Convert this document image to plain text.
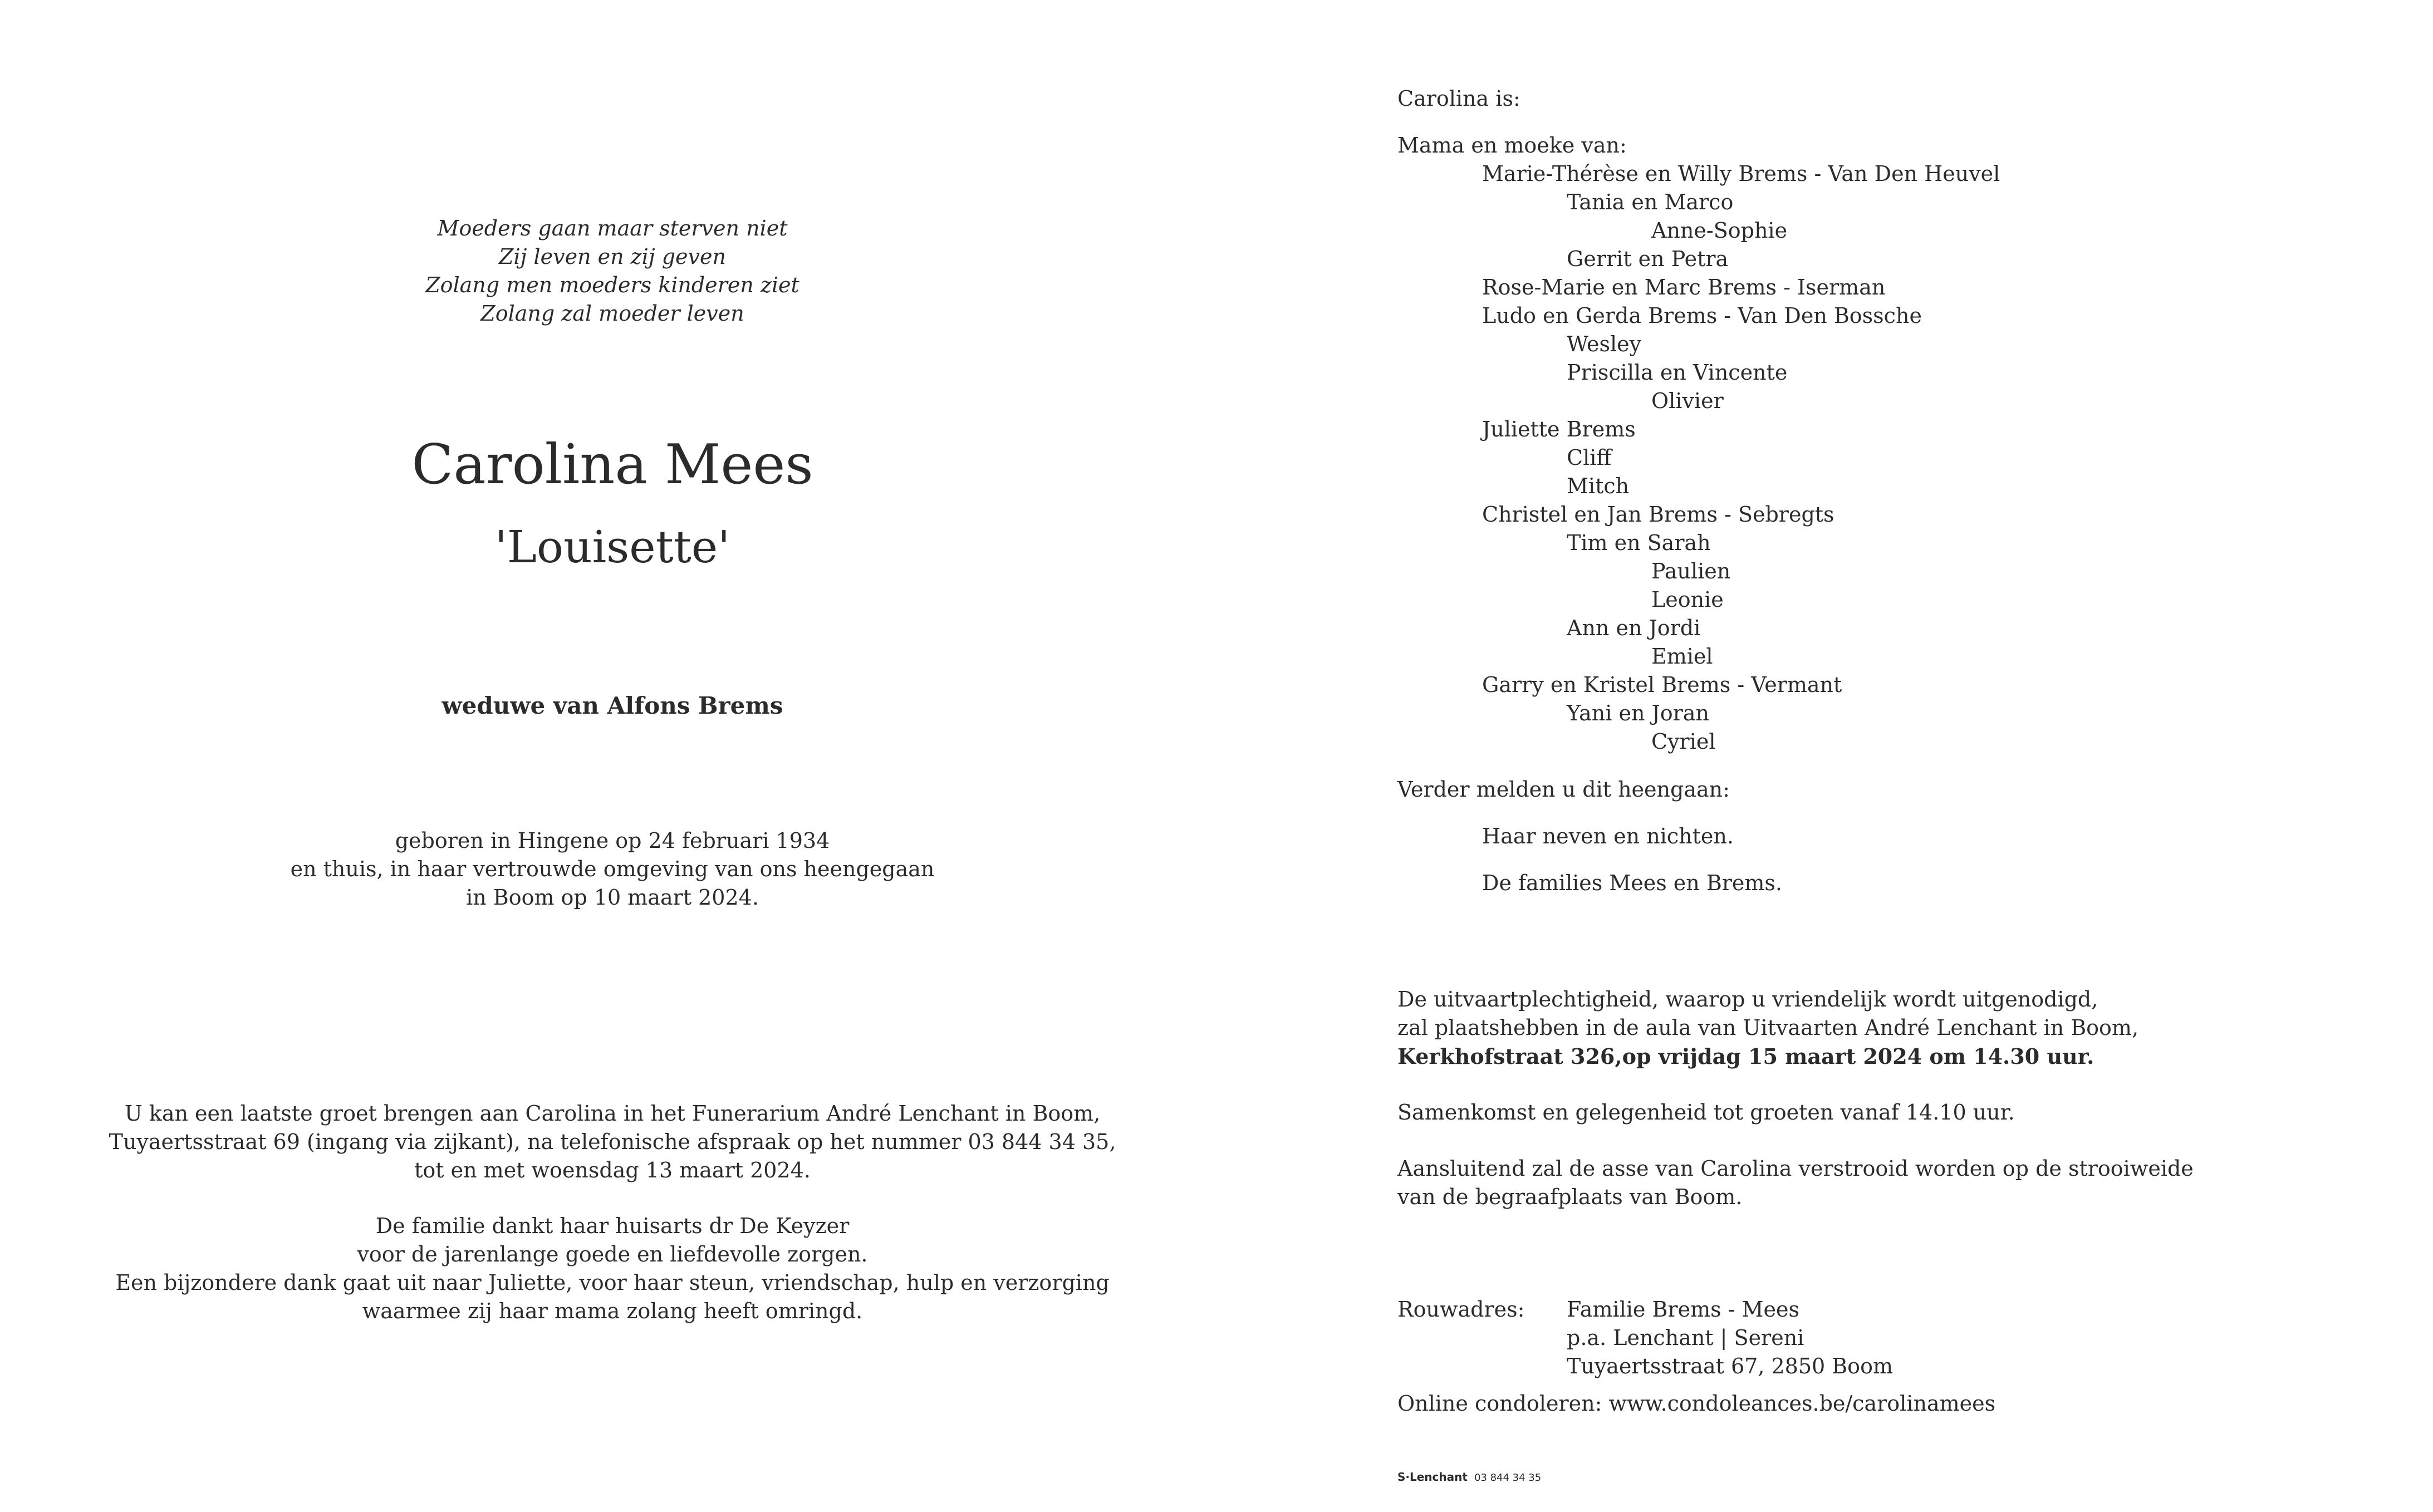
Moeders gaan maar sterven niet
Zij leven en zij geven
Zolang men moeders kinderen ziet
Zolang zal moeder leven
Carolina Mees
'Louisette'
weduwe van Alfons Brems
geboren in Hingene op 24 februari 1934
en thuis, in haar vertrouwde omgeving van ons heengegaan
in Boom op 10 maart 2024.
U kan een laatste groet brengen aan Carolina in het Funerarium André Lenchant in Boom,
Tuyaertsstraat 69 (ingang via zijkant), na telefonische afspraak op het nummer 03 844 34 35,
tot en met woensdag 13 maart 2024.
De familie dankt haar huisarts dr De Keyzer
voor de jarenlange goede en liefdevolle zorgen.
Een bijzondere dank gaat uit naar Juliette, voor haar steun, vriendschap, hulp en verzorging
waarmee zij haar mama zolang heeft omringd.
Carolina is:
Mama en moeke van:
Marie-Thérèse en Willy Brems - Van Den Heuvel
Tania en Marco
Anne-Sophie
Gerrit en Petra
Rose-Marie en Marc Brems - Iserman
Ludo en Gerda Brems - Van Den Bossche
Wesley
Priscilla en Vincente
Olivier
Juliette Brems
Cliff
Mitch
Christel en Jan Brems - Sebregts
Tim en Sarah
Paulien
Leonie
Ann en Jordi
Emiel
Garry en Kristel Brems - Vermant
Yani en Joran
Cyriel
Verder melden u dit heengaan:
Haar neven en nichten.
De families Mees en Brems.
De uitvaartplechtigheid, waarop u vriendelijk wordt uitgenodigd,
zal plaatshebben in de aula van Uitvaarten André Lenchant in Boom,
Kerkhofstraat 326,op vrijdag 15 maart 2024 om 14.30 uur.
Samenkomst en gelegenheid tot groeten vanaf 14.10 uur.
Aansluitend zal de asse van Carolina verstrooid worden op de strooiweide
van de begraafplaats van Boom.
Rouwadres: Familie Brems - Mees
p.a. Lenchant | Sereni
Tuyaertsstraat 67, 2850 Boom
Online condoleren: www.condoleances.be/carolinamees
S·Lenchant 03 844 34 35
